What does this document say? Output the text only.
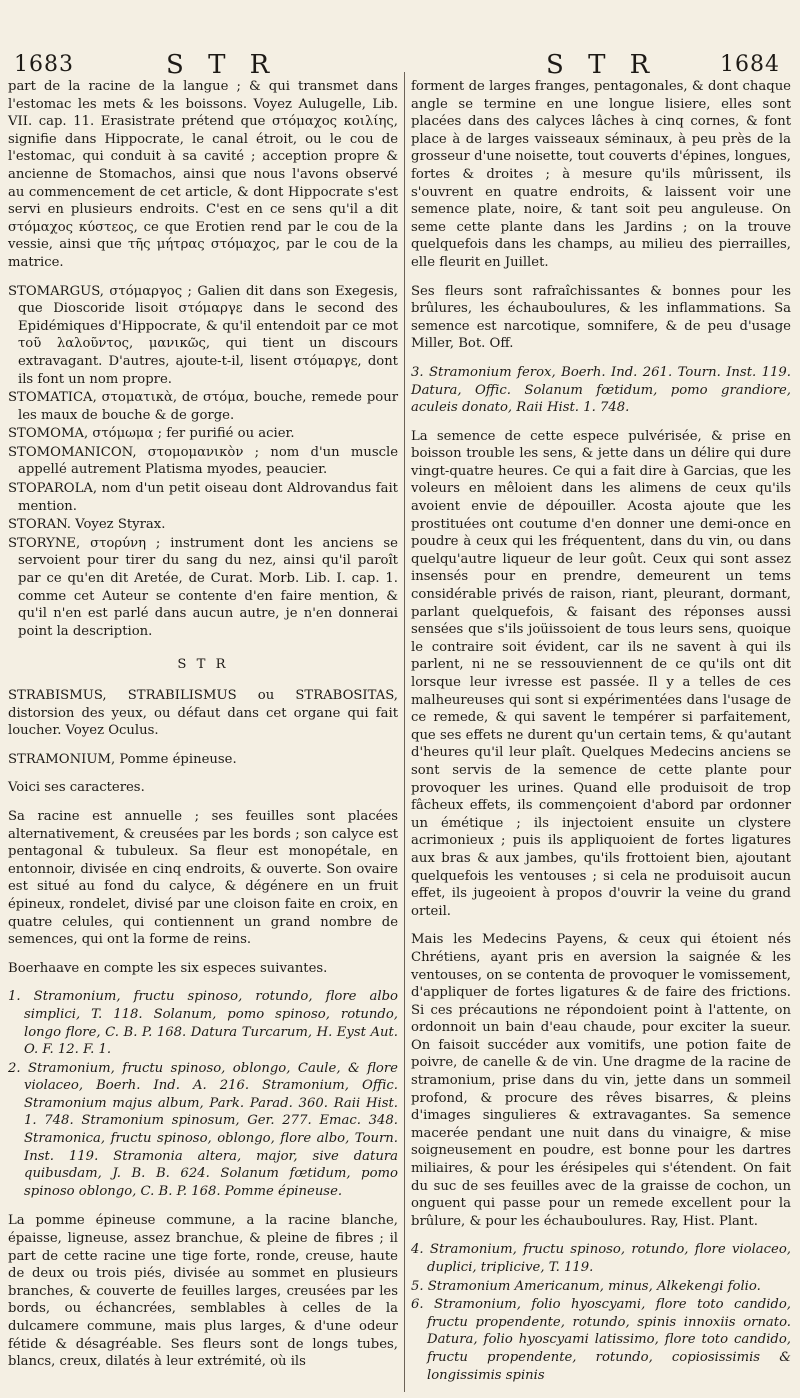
1683	S T R	S T R	1684

part de la racine de la langue ; & qui transmet dans l'estomac les mets & les boissons. Voyez Aulugelle, Lib. VII. cap. 11. Erasistrate prétend que στόμαχος κοιλίης, signifie dans Hippocrate, le canal étroit, ou le cou de l'estomac, qui conduit à sa cavité ; acception propre & ancienne de Stomachos, ainsi que nous l'avons observé au commencement de cet article, & dont Hippocrate s'est servi en plusieurs endroits. C'est en ce sens qu'il a dit στόμαχος κύστεος, ce que Erotien rend par le cou de la vessie, ainsi que τῆς μήτρας στόμαχος, par le cou de la matrice.

STOMARGUS, στόμαργος ; Galien dit dans son Exegesis, que Dioscoride lisoit στόμαργε dans le second des Epidémiques d'Hippocrate, & qu'il entendoit par ce mot τοῦ λαλοῦντος, μανικῶς, qui tient un discours extravagant. D'autres, ajoute-t-il, lisent στόμαργε, dont ils font un nom propre.
STOMATICA, στοματικὰ, de στόμα, bouche, remede pour les maux de bouche & de gorge.
STOMOMA, στόμωμα ; fer purifié ou acier.
STOMOMANICON, στομομανικὸν ; nom d'un muscle appellé autrement Platisma myodes, peaucier.
STOPAROLA, nom d'un petit oiseau dont Aldrovandus fait mention.
STORAN. Voyez Styrax.
STORYNE, στορύνη ; instrument dont les anciens se servoient pour tirer du sang du nez, ainsi qu'il paroît par ce qu'en dit Aretée, de Curat. Morb. Lib. I. cap. 1. comme cet Auteur se contente d'en faire mention, & qu'il n'en est parlé dans aucun autre, je n'en donnerai point la description.
S T R

STRABISMUS, STRABILISMUS ou STRABOSITAS, distorsion des yeux, ou défaut dans cet organe qui fait loucher. Voyez Oculus.

STRAMONIUM, Pomme épineuse.

Voici ses caracteres.

Sa racine est annuelle ; ses feuilles sont placées alternativement, & creusées par les bords ; son calyce est pentagonal & tubuleux. Sa fleur est monopétale, en entonnoir, divisée en cinq endroits, & ouverte. Son ovaire est situé au fond du calyce, & dégénere en un fruit épineux, rondelet, divisé par une cloison faite en croix, en quatre celules, qui contiennent un grand nombre de semences, qui ont la forme de reins.

Boerhaave en compte les six especes suivantes.

1. Stramonium, fructu spinoso, rotundo, flore albo simplici, T. 118. Solanum, pomo spinoso, rotundo, longo flore, C. B. P. 168. Datura Turcarum, H. Eyst Aut. O. F. 12. F. 1.
2. Stramonium, fructu spinoso, oblongo, Caule, & flore violaceo, Boerh. Ind. A. 216. Stramonium, Offic. Stramonium majus album, Park. Parad. 360. Raii Hist. 1. 748. Stramonium spinosum, Ger. 277. Emac. 348. Stramonica, fructu spinoso, oblongo, flore albo, Tourn. Inst. 119. Stramonia altera, major, sive datura quibusdam, J. B. B. 624. Solanum fœtidum, pomo spinoso oblongo, C. B. P. 168. Pomme épineuse.

La pomme épineuse commune, a la racine blanche, épaisse, ligneuse, assez branchue, & pleine de fibres ; il part de cette racine une tige forte, ronde, creuse, haute de deux ou trois piés, divisée au sommet en plusieurs branches, & couverte de feuilles larges, creusées par les bords, ou échancrées, semblables à celles de la dulcamere commune, mais plus larges, & d'une odeur fétide & désagréable. Ses fleurs sont de longs tubes, blancs, creux, dilatés à leur extrémité, où ils

forment de larges franges, pentagonales, & dont chaque angle se termine en une longue lisiere, elles sont placées dans des calyces lâches à cinq cornes, & font place à de larges vaisseaux séminaux, à peu près de la grosseur d'une noisette, tout couverts d'épines, longues, fortes & droites ; à mesure qu'ils mûrissent, ils s'ouvrent en quatre endroits, & laissent voir une semence plate, noire, & tant soit peu anguleuse. On seme cette plante dans les Jardins ; on la trouve quelquefois dans les champs, au milieu des pierrailles, elle fleurit en Juillet.

Ses fleurs sont rafraîchissantes & bonnes pour les brûlures, les échauboulures, & les inflammations. Sa semence est narcotique, somnifere, & de peu d'usage Miller, Bot. Off.

3. Stramonium ferox, Boerh. Ind. 261. Tourn. Inst. 119. Datura, Offic. Solanum fœtidum, pomo grandiore, aculeis donato, Raii Hist. 1. 748.

La semence de cette espece pulvérisée, & prise en boisson trouble les sens, & jette dans un délire qui dure vingt-quatre heures. Ce qui a fait dire à Garcias, que les voleurs en mêloient dans les alimens de ceux qu'ils avoient envie de dépouiller. Acosta ajoute que les prostituées ont coutume d'en donner une demi-once en poudre à ceux qui les fréquentent, dans du vin, ou dans quelqu'autre liqueur de leur goût. Ceux qui sont assez insensés pour en prendre, demeurent un tems considérable privés de raison, riant, pleurant, dormant, parlant quelquefois, & faisant des réponses aussi sensées que s'ils joüissoient de tous leurs sens, quoique le contraire soit évident, car ils ne savent à qui ils parlent, ni ne se ressouviennent de ce qu'ils ont dit lorsque leur ivresse est passée. Il y a telles de ces malheureuses qui sont si expérimentées dans l'usage de ce remede, & qui savent le tempérer si parfaitement, que ses effets ne durent qu'un certain tems, & qu'autant d'heures qu'il leur plaît. Quelques Medecins anciens se sont servis de la semence de cette plante pour provoquer les urines. Quand elle produisoit de trop fâcheux effets, ils commençoient d'abord par ordonner un émétique ; ils injectoient ensuite un clystere acrimonieux ; puis ils appliquoient de fortes ligatures aux bras & aux jambes, qu'ils frottoient bien, ajoutant quelquefois les ventouses ; si cela ne produisoit aucun effet, ils jugeoient à propos d'ouvrir la veine du grand orteil.

Mais les Medecins Payens, & ceux qui étoient nés Chrétiens, ayant pris en aversion la saignée & les ventouses, on se contenta de provoquer le vomissement, d'appliquer de fortes ligatures & de faire des frictions. Si ces précautions ne répondoient point à l'attente, on ordonnoit un bain d'eau chaude, pour exciter la sueur. On faisoit succéder aux vomitifs, une potion faite de poivre, de canelle & de vin. Une dragme de la racine de stramonium, prise dans du vin, jette dans un sommeil profond, & procure des rêves bisarres, & pleins d'images singulieres & extravagantes. Sa semence macerée pendant une nuit dans du vinaigre, & mise soigneusement en poudre, est bonne pour les dartres miliaires, & pour les érésipeles qui s'étendent. On fait du suc de ses feuilles avec de la graisse de cochon, un onguent qui passe pour un remede excellent pour la brûlure, & pour les échauboulures. Ray, Hist. Plant.

4. Stramonium, fructu spinoso, rotundo, flore violaceo, duplici, triplicive, T. 119.
5. Stramonium Americanum, minus, Alkekengi folio.
6. Stramonium, folio hyoscyami, flore toto candido, fructu propendente, rotundo, spinis innoxiis ornato. Datura, folio hyoscyami latissimo, flore toto candido, fructu propendente, rotundo, copiosissimis & longissimis spinis
